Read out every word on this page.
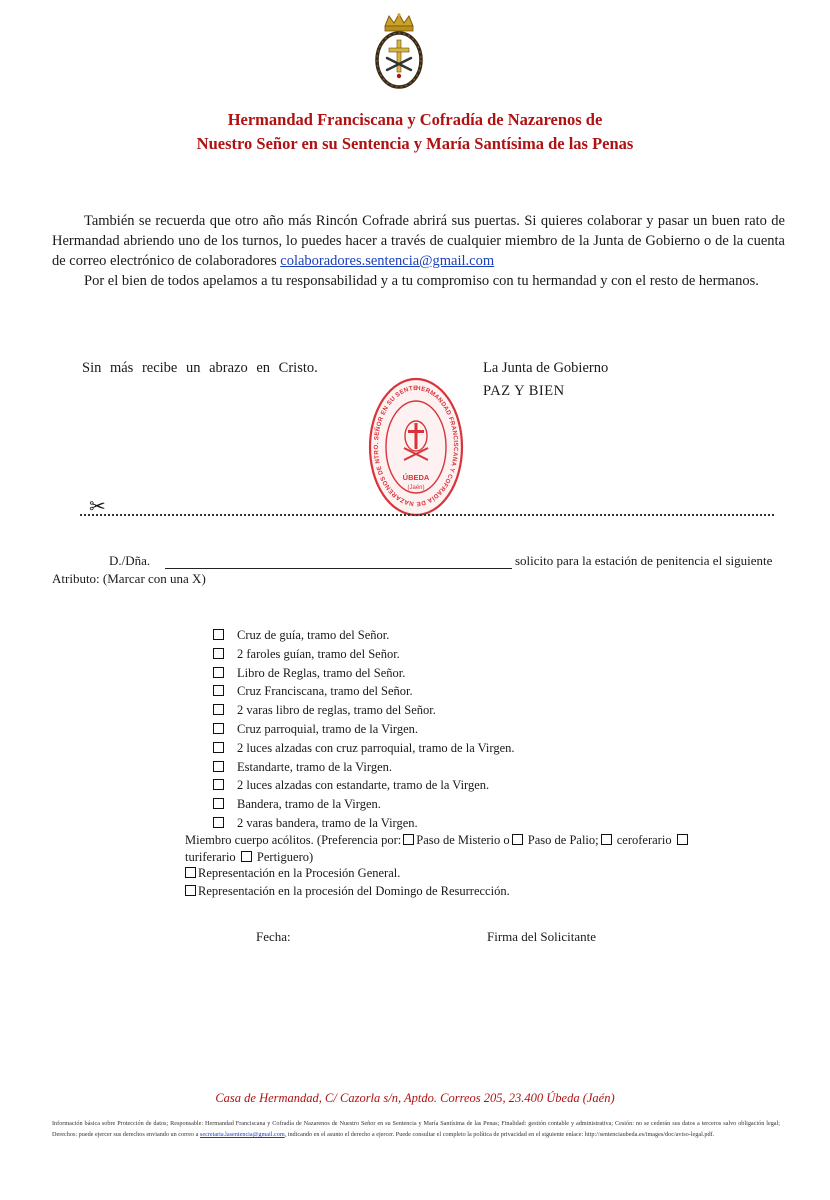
Hermandad Franciscana y Cofradía de Nazarenos de
Nuestro Señor en su Sentencia y María Santísima de las Penas

También se recuerda que otro año más Rincón Cofrade abrirá sus puertas. Si quieres colaborar y pasar un buen rato de Hermandad abriendo uno de los turnos, lo puedes hacer a través de cualquier miembro de la Junta de Gobierno o de la cuenta de correo electrónico de colaboradores colaboradores.sentencia@gmail.com

Por el bien de todos apelamos a tu responsabilidad y a tu compromiso con tu hermandad y con el resto de hermanos.

Sin más recibe un abrazo en Cristo.	La Junta de Gobierno
PAZ Y BIEN
HERMANDAD FRANCISCANA Y COFRADÍA DE NAZARENOS DE NTRO. SEÑOR EN SU SENTE
ÚBEDA
(Jaén)
✂
D./Dña.	solicito para la estación de penitencia el siguiente
Atributo: (Marcar con una X)
Cruz de guía, tramo del Señor.
2 faroles guían, tramo del Señor.
Libro de Reglas, tramo del Señor.
Cruz Franciscana, tramo del Señor.
2 varas libro de reglas, tramo del Señor.
Cruz parroquial, tramo de la Virgen.
2 luces alzadas con cruz parroquial, tramo de la Virgen.
Estandarte, tramo de la Virgen.
2 luces alzadas con estandarte, tramo de la Virgen.
Bandera, tramo de la Virgen.
2 varas bandera, tramo de la Virgen.
Miembro cuerpo acólitos. (Preferencia por: Paso de Misterio o Paso de Palio; ceroferario
turiferario Pertiguero)
Representación en la Procesión General.
Representación en la procesión del Domingo de Resurrección.
Fecha:	Firma del Solicitante
Casa de Hermandad, C/ Cazorla s/n, Aptdo. Correos 205, 23.400 Úbeda (Jaén)
Información básica sobre Protección de datos; Responsable: Hermandad Franciscana y Cofradía de Nazarenos de Nuestro Señor en su Sentencia y María Santísima de las Penas; Finalidad: gestión contable y administrativa; Cesión: no se cederán sus datos a terceros salvo obligación legal; Derechos: puede ejercer sus derechos enviando un correo a secretaria.lasentencia@gmail.com, indicando en el asunto el derecho a ejercer. Puede consultar el completo la política de privacidad en el siguiente enlace: http://sentenciaubeda.es/images/doc/aviso-legal.pdf.
